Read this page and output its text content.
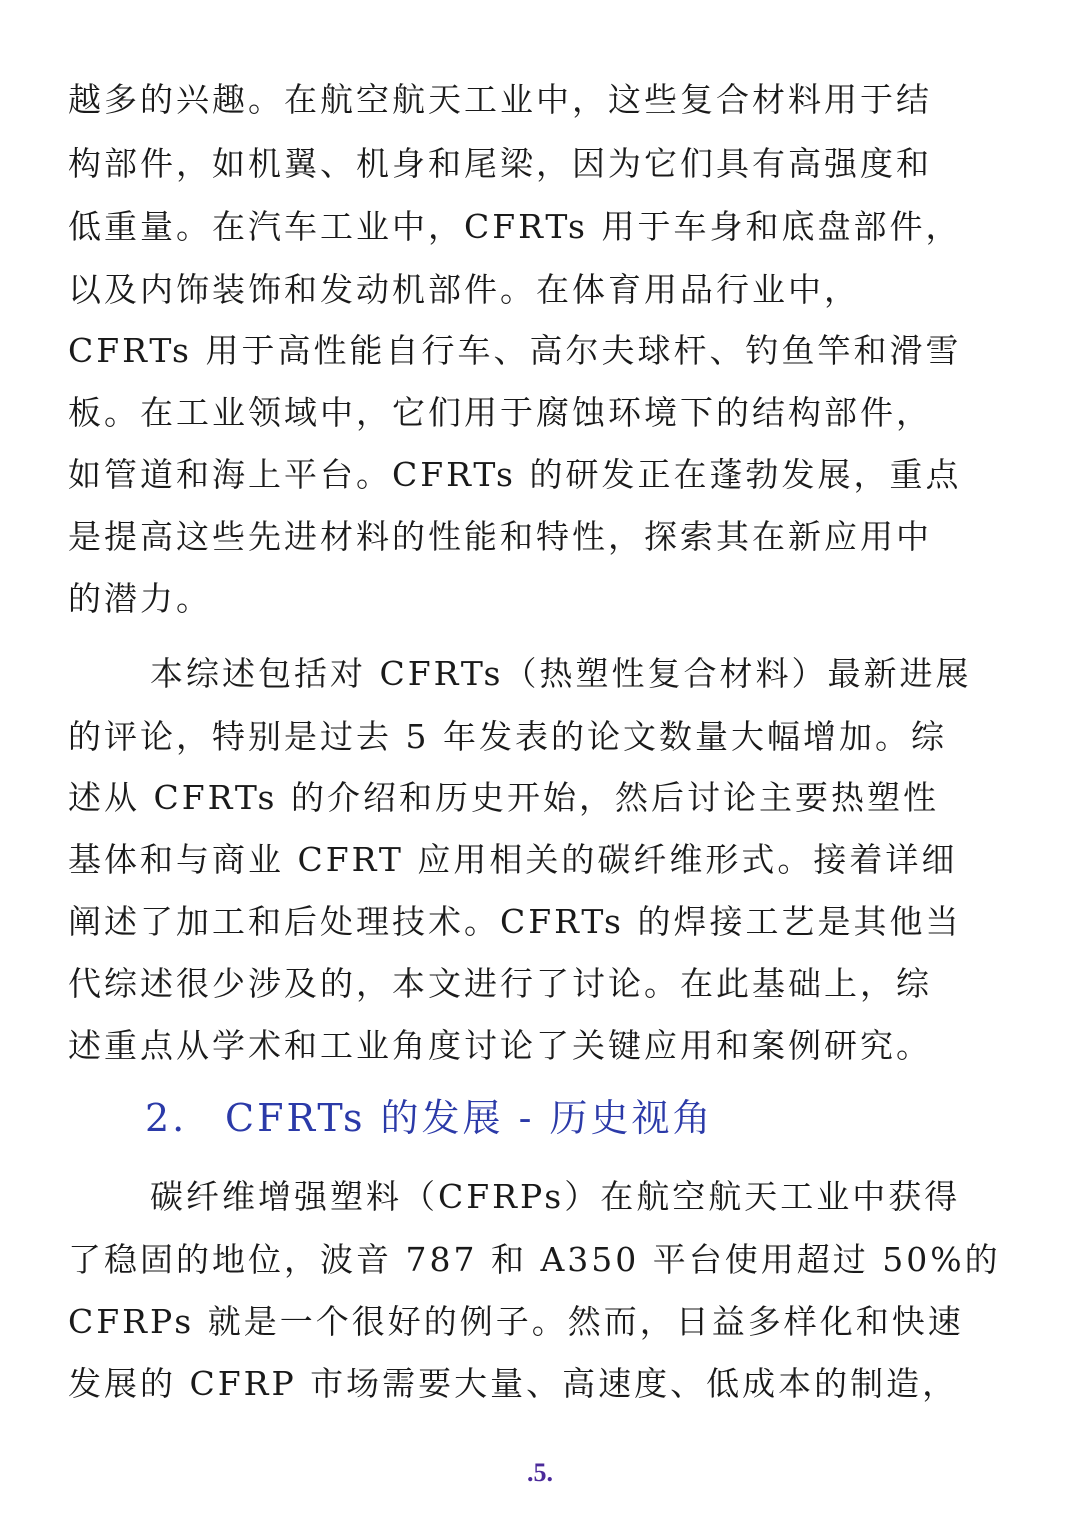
越多的兴趣。在航空航天工业中，这些复合材料用于结
构部件，如机翼、机身和尾梁，因为它们具有高强度和
低重量。在汽车工业中，CFRTs 用于车身和底盘部件，
以及内饰装饰和发动机部件。在体育用品行业中，
CFRTs 用于高性能自行车、高尔夫球杆、钓鱼竿和滑雪
板。在工业领域中，它们用于腐蚀环境下的结构部件，
如管道和海上平台。CFRTs 的研发正在蓬勃发展，重点
是提高这些先进材料的性能和特性，探索其在新应用中
的潜力。
本综述包括对 CFRTs（热塑性复合材料）最新进展
的评论，特别是过去 5 年发表的论文数量大幅增加。综
述从 CFRTs 的介绍和历史开始，然后讨论主要热塑性
基体和与商业 CFRT 应用相关的碳纤维形式。接着详细
阐述了加工和后处理技术。CFRTs 的焊接工艺是其他当
代综述很少涉及的，本文进行了讨论。在此基础上，综
述重点从学术和工业角度讨论了关键应用和案例研究。
2. CFRTs 的发展 - 历史视角
碳纤维增强塑料（CFRPs）在航空航天工业中获得
了稳固的地位，波音 787 和 A350 平台使用超过 50%的
CFRPs 就是一个很好的例子。然而，日益多样化和快速
发展的 CFRP 市场需要大量、高速度、低成本的制造，
.5.
